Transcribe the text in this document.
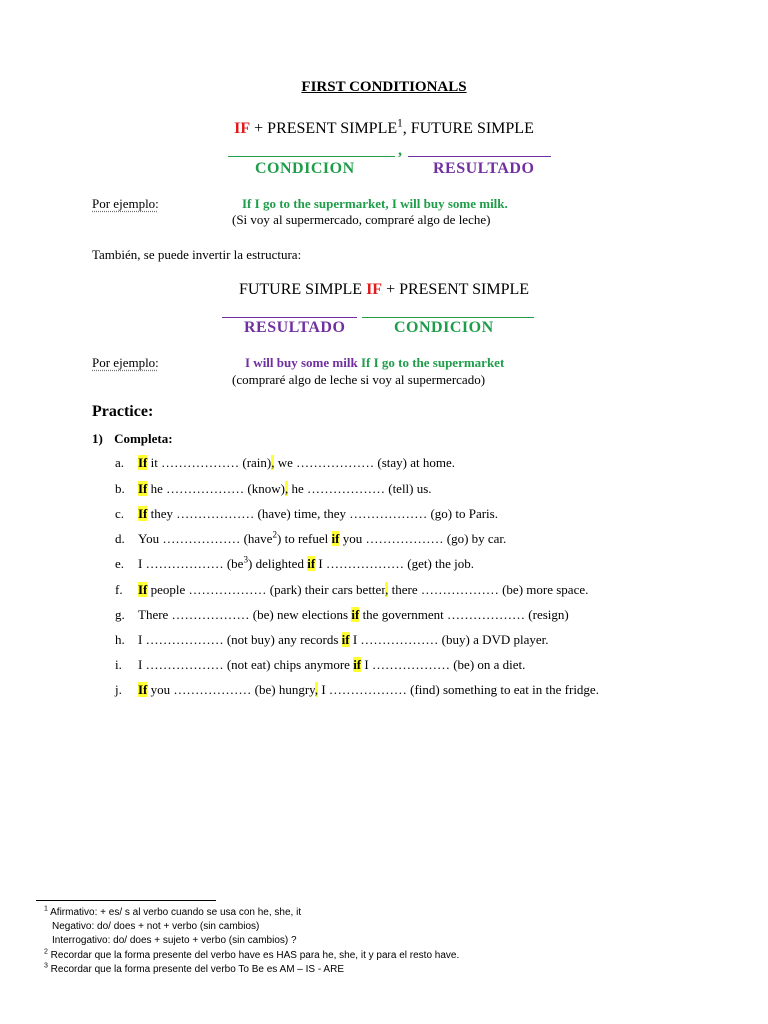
FIRST CONDITIONALS
IF + PRESENT SIMPLE$^1$, FUTURE SIMPLE
,
CONDICION	RESULTADO
Por ejemplo:	If I go to the supermarket, I will buy some milk.
(Si voy al supermercado, compraré algo de leche)
También, se puede invertir la estructura:
FUTURE SIMPLE IF + PRESENT SIMPLE
RESULTADO	CONDICION
Por ejemplo:	I will buy some milk If I go to the supermarket
(compraré algo de leche si voy al supermercado)
Practice:
1) Completa:
a. If it ……………… (rain), we ……………… (stay) at home.
b. If he ……………… (know), he ……………… (tell) us.
c. If they ……………… (have) time, they ……………… (go) to Paris.
d. You ……………… (have$^2$) to refuel if you ……………… (go) by car.
e. I ……………… $(be^3)$ delighted if I ……………… (get) the job.
f. If people ……………… (park) their cars better, there ……………… (be) more space.
g. There ……………… (be) new elections if the government ……………… (resign)
h. I ……………… (not buy) any records if I ……………… (buy) a DVD player.
i. I ……………… (not eat) chips anymore if I ……………… (be) on a diet.
j. If you ……………… (be) hungry, I ……………… (find) something to eat in the fridge.
$^1$ Afirmativo: + es/ s al verbo cuando se usa con he, she, it
Negativo: do/ does + not + verbo (sin cambios)
Interrogativo: do/ does + sujeto + verbo (sin cambios) ?
$^2$ Recordar que la forma presente del verbo have es HAS para he, she, it y para el resto have.
$^3$ Recordar que la forma presente del verbo To Be es AM – IS - ARE
